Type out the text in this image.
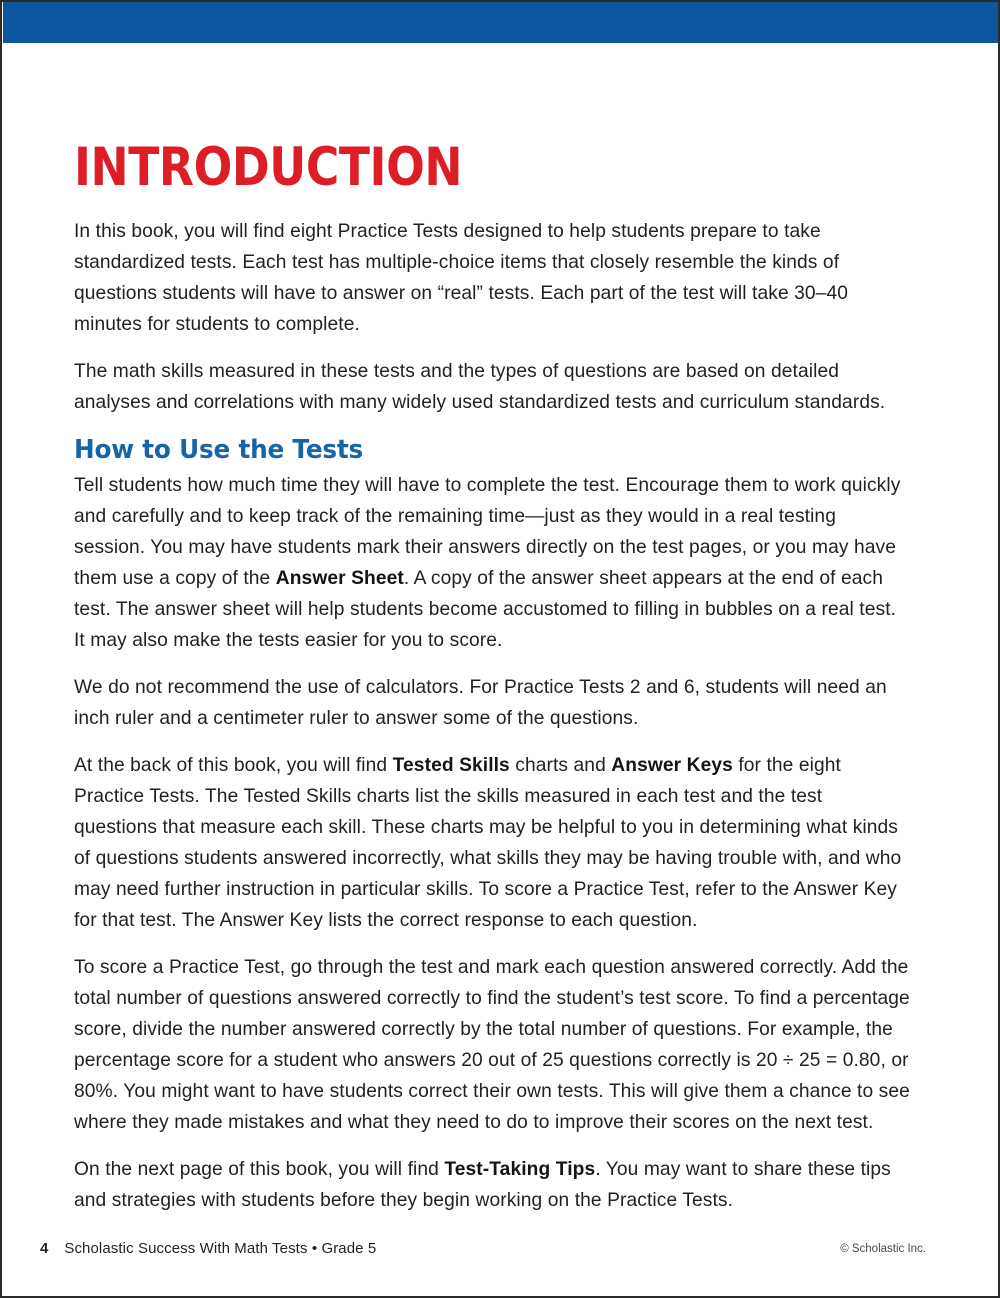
INTRODUCTION

In this book, you will find eight Practice Tests designed to help students prepare to take standardized tests. Each test has multiple-choice items that closely resemble the kinds of questions students will have to answer on “real” tests. Each part of the test will take 30–40 minutes for students to complete.

The math skills measured in these tests and the types of questions are based on detailed analyses and correlations with many widely used standardized tests and curriculum standards.

How to Use the Tests

Tell students how much time they will have to complete the test. Encourage them to work quickly and carefully and to keep track of the remaining time—just as they would in a real testing session. You may have students mark their answers directly on the test pages, or you may have them use a copy of the Answer Sheet. A copy of the answer sheet appears at the end of each test. The answer sheet will help students become accustomed to filling in bubbles on a real test. It may also make the tests easier for you to score.

We do not recommend the use of calculators. For Practice Tests 2 and 6, students will need an inch ruler and a centimeter ruler to answer some of the questions.

At the back of this book, you will find Tested Skills charts and Answer Keys for the eight Practice Tests. The Tested Skills charts list the skills measured in each test and the test questions that measure each skill. These charts may be helpful to you in determining what kinds of questions students answered incorrectly, what skills they may be having trouble with, and who may need further instruction in particular skills. To score a Practice Test, refer to the Answer Key for that test. The Answer Key lists the correct response to each question.

To score a Practice Test, go through the test and mark each question answered correctly. Add the total number of questions answered correctly to find the student’s test score. To find a percentage score, divide the number answered correctly by the total number of questions. For example, the percentage score for a student who answers 20 out of 25 questions correctly is 20 ÷ 25 = 0.80, or 80%. You might want to have students correct their own tests. This will give them a chance to see where they made mistakes and what they need to do to improve their scores on the next test.

On the next page of this book, you will find Test-Taking Tips. You may want to share these tips and strategies with students before they begin working on the Practice Tests.

4 Scholastic Success With Math Tests • Grade 5	© Scholastic Inc.
